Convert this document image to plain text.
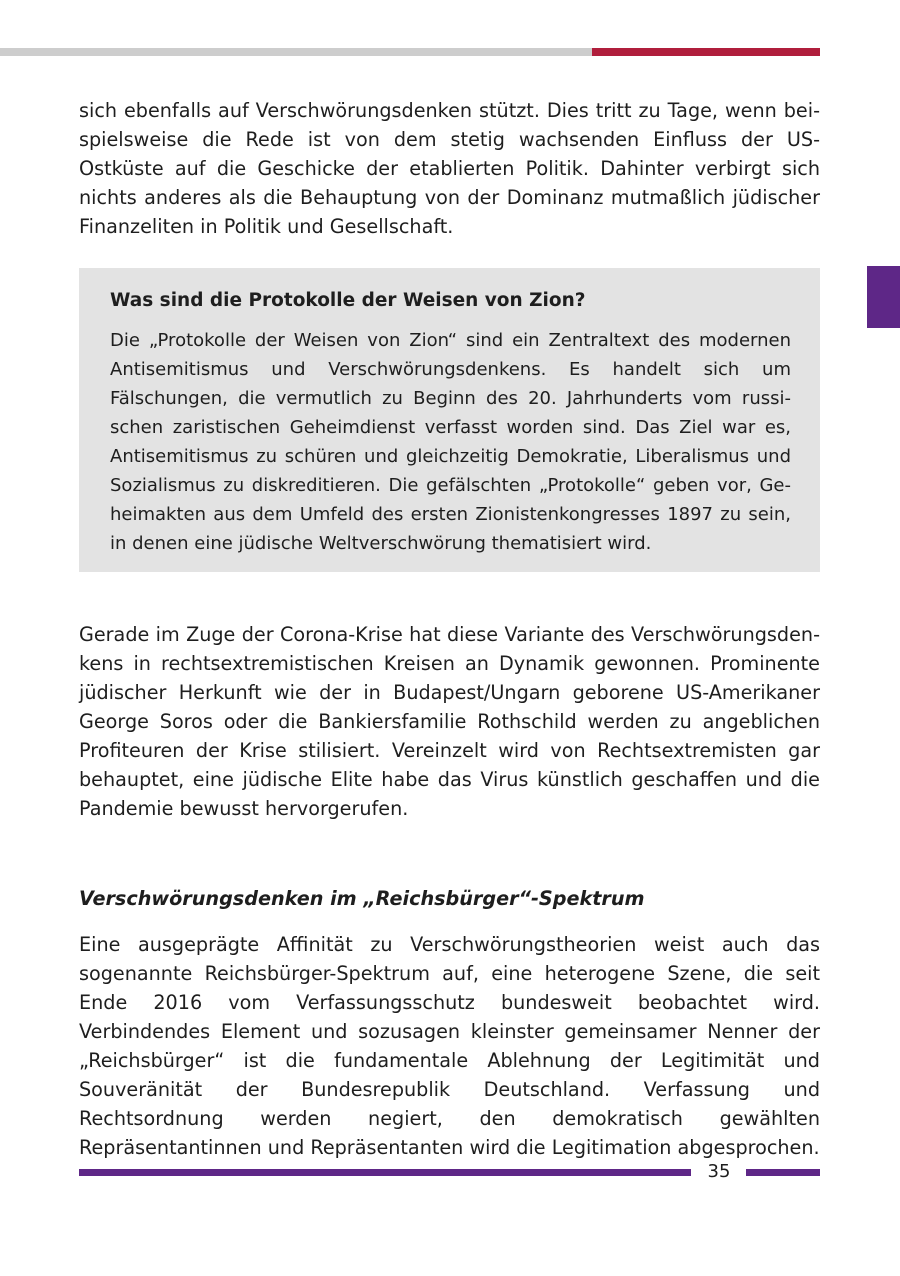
sich ebenfalls auf Verschwörungsdenken stützt. Dies tritt zu Tage, wenn beispielsweise die Rede ist von dem stetig wachsenden Einfluss der US-Ostküste auf die Geschicke der etablierten Politik. Dahinter verbirgt sich nichts anderes als die Behauptung von der Dominanz mutmaßlich jüdischer Finanzeliten in Politik und Gesellschaft.

Was sind die Protokolle der Weisen von Zion?

Die „Protokolle der Weisen von Zion“ sind ein Zentraltext des modernen Antisemitismus und Verschwörungsdenkens. Es handelt sich um Fälschungen, die vermutlich zu Beginn des 20. Jahrhunderts vom russischen zaristischen Geheimdienst verfasst worden sind. Das Ziel war es, Antisemitismus zu schüren und gleichzeitig Demokratie, Liberalismus und Sozialismus zu diskreditieren. Die gefälschten „Protokolle“ geben vor, Geheimakten aus dem Umfeld des ersten Zionistenkongresses 1897 zu sein, in denen eine jüdische Weltverschwörung thematisiert wird.

Gerade im Zuge der Corona-Krise hat diese Variante des Verschwörungsdenkens in rechtsextremistischen Kreisen an Dynamik gewonnen. Prominente jüdischer Herkunft wie der in Budapest/Ungarn geborene US-Amerikaner George Soros oder die Bankiersfamilie Rothschild werden zu angeblichen Profiteuren der Krise stilisiert. Vereinzelt wird von Rechtsextremisten gar behauptet, eine jüdische Elite habe das Virus künstlich geschaffen und die Pandemie bewusst hervorgerufen.

Verschwörungsdenken im „Reichsbürger“-Spektrum

Eine ausgeprägte Affinität zu Verschwörungstheorien weist auch das sogenannte Reichsbürger-Spektrum auf, eine heterogene Szene, die seit Ende 2016 vom Verfassungsschutz bundesweit beobachtet wird. Verbindendes Element und sozusagen kleinster gemeinsamer Nenner der „Reichsbürger“ ist die fundamentale Ablehnung der Legitimität und Souveränität der Bundesrepublik Deutschland. Verfassung und Rechtsordnung werden negiert, den demokratisch gewählten Repräsentantinnen und Repräsentanten wird die Legitimation abgesprochen.

35
